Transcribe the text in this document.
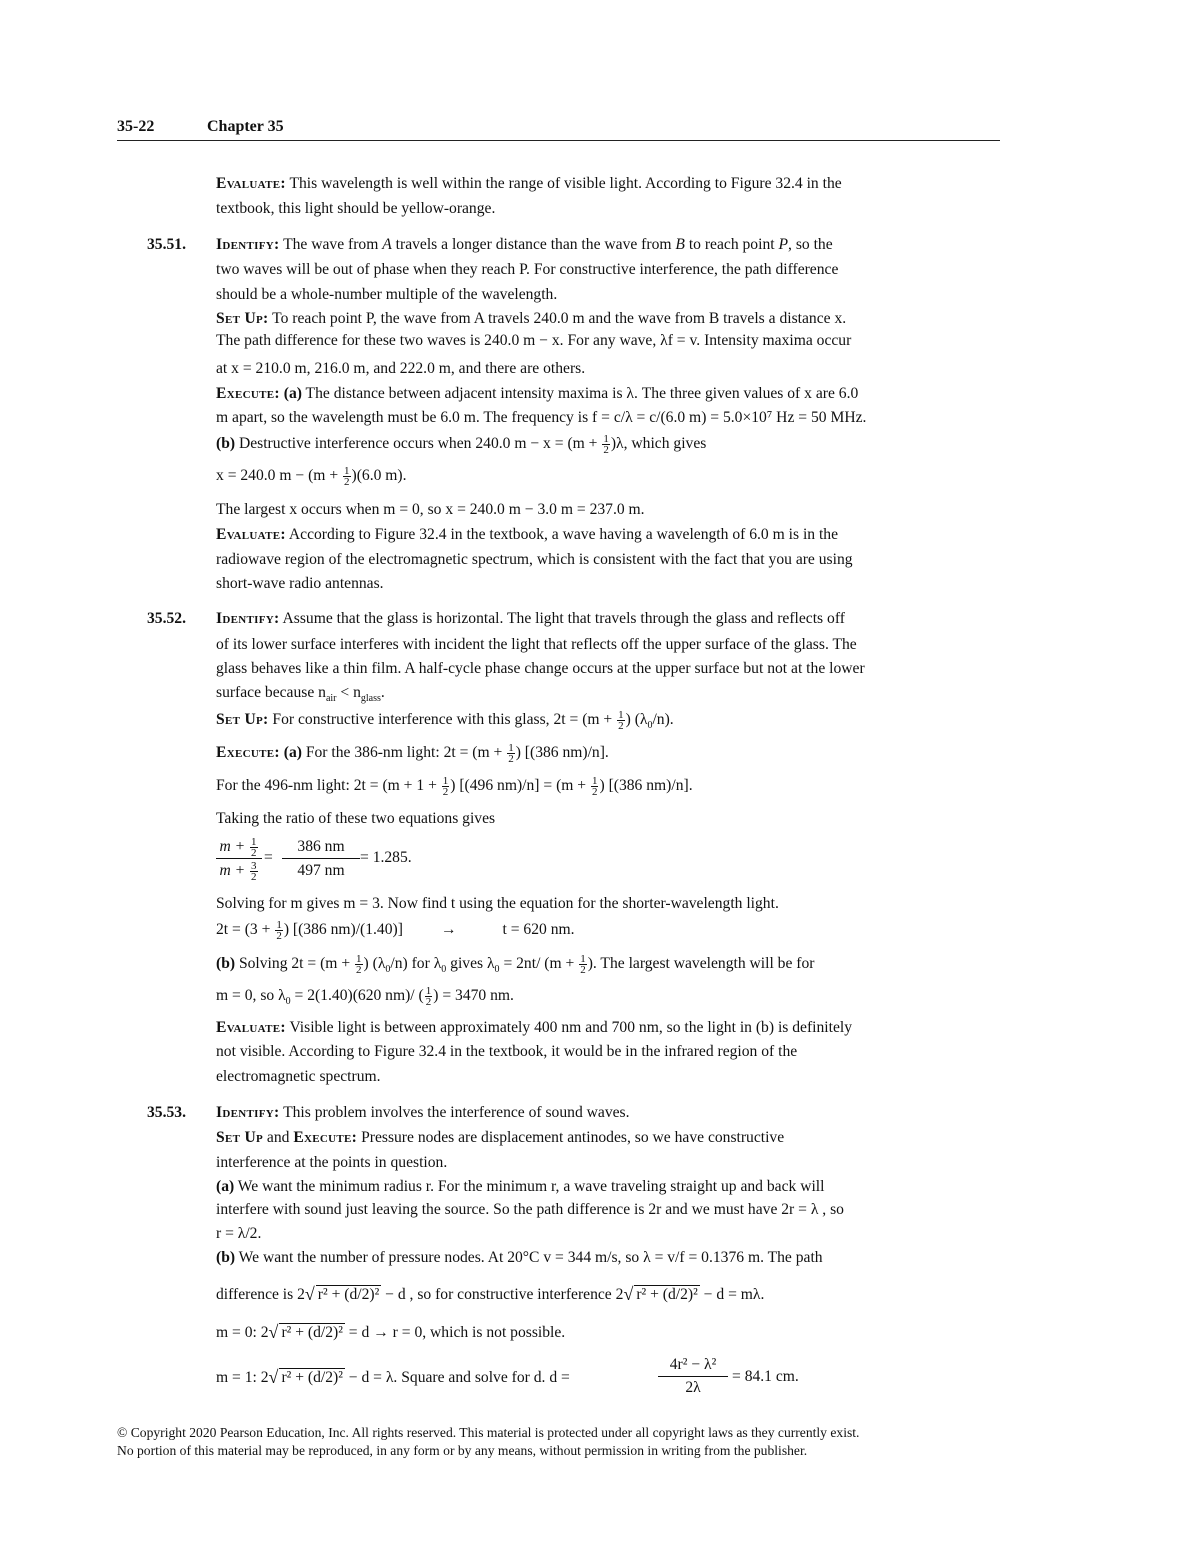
35-22	Chapter 35
Evaluate: This wavelength is well within the range of visible light. According to Figure 32.4 in the
textbook, this light should be yellow-orange.
35.51. Identify: The wave from A travels a longer distance than the wave from B to reach point P, so the
two waves will be out of phase when they reach P. For constructive interference, the path difference
should be a whole-number multiple of the wavelength.
Set Up: To reach point P, the wave from A travels 240.0 m and the wave from B travels a distance x.
The path difference for these two waves is 240.0 m − x. For any wave, λf = v. Intensity maxima occur
at x = 210.0 m, 216.0 m, and 222.0 m, and there are others.
Execute: (a) The distance between adjacent intensity maxima is λ. The three given values of x are 6.0
m apart, so the wavelength must be 6.0 m. The frequency is f = c/λ = c/(6.0 m) = 5.0×10⁷ Hz = 50 MHz.
(b) Destructive interference occurs when 240.0 $m - x = (m + \frac{1}{2} )\lambda$, which gives
x = 240.0 $m - (m + \frac{1}{2} )(6.0$ m).
The largest x occurs when m = 0, so x = 240.0 m − 3.0 m = 237.0 m.
Evaluate: According to Figure 32.4 in the textbook, a wave having a wavelength of 6.0 m is in the
radiowave region of the electromagnetic spectrum, which is consistent with the fact that you are using
short-wave radio antennas.
35.52. Identify: Assume that the glass is horizontal. The light that travels through the glass and reflects off
of its lower surface interferes with incident the light that reflects off the upper surface of the glass. The
glass behaves like a thin film. A half-cycle phase change occurs at the upper surface but not at the lower
surface because $n_{air} < n_{glass}$.
Set Up: For constructive interference with this glass, $2t = (m + \frac{1}{2}$ ) $(\lambda_0/n)$.
Execute: (a) For the 386-nm light: $2t = (m + \frac{1}{2}$ ) [(386 nm)/n].
For the 496-nm light: $2t = (m + 1 + \frac{1}{2}$ ) [(496 $nm)/n] = (m + \frac{1}{2}$ ) [(386 nm)/n].
Taking the ratio of these two equations gives
$m + \frac{1}{2}$
$m + \frac{3}{2}$
=
386 nm
497 nm
= 1.285.
Solving for m gives m = 3. Now find t using the equation for the shorter-wavelength light.
$2t = (3 + \frac{1}{2}$ ) [(386 nm)/(1.40)] →	t = 620 nm.
(b) Solving $2t = (m + \frac{1}{2}$ ) $(\lambda_0/n)$ for $\lambda_0$ gives $\lambda_0 = 2nt/$ ($m + \frac{1}{2}$ ). The largest wavelength will be for
m = 0, so $\lambda_0 = 2(1.40)(620$ nm)/ ( $\frac{1}{2}$ ) = 3470 nm.
Evaluate: Visible light is between approximately 400 nm and 700 nm, so the light in (b) is definitely
not visible. According to Figure 32.4 in the textbook, it would be in the infrared region of the
electromagnetic spectrum.
35.53. Identify: This problem involves the interference of sound waves.
Set Up and Execute: Pressure nodes are displacement antinodes, so we have constructive
interference at the points in question.
(a) We want the minimum radius r. For the minimum r, a wave traveling straight up and back will
interfere with sound just leaving the source. So the path difference is 2r and we must have 2r = λ , so
r = λ/2.
(b) We want the number of pressure nodes. At 20°C v = 344 m/s, so λ = v/f = 0.1376 m. The path
difference is 2√ r² + (d/2)² − d , so for constructive interference 2√ r² + (d/2)² − d = mλ.
m = 0: 2√ r² + (d/2)² = d → r = 0, which is not possible.
m = 1: 2√ r² + (d/2)² − d = λ. Square and solve for d. d =
4r² − λ²
2λ
= 84.1 cm.
© Copyright 2020 Pearson Education, Inc. All rights reserved. This material is protected under all copyright laws as they currently exist.
No portion of this material may be reproduced, in any form or by any means, without permission in writing from the publisher.
